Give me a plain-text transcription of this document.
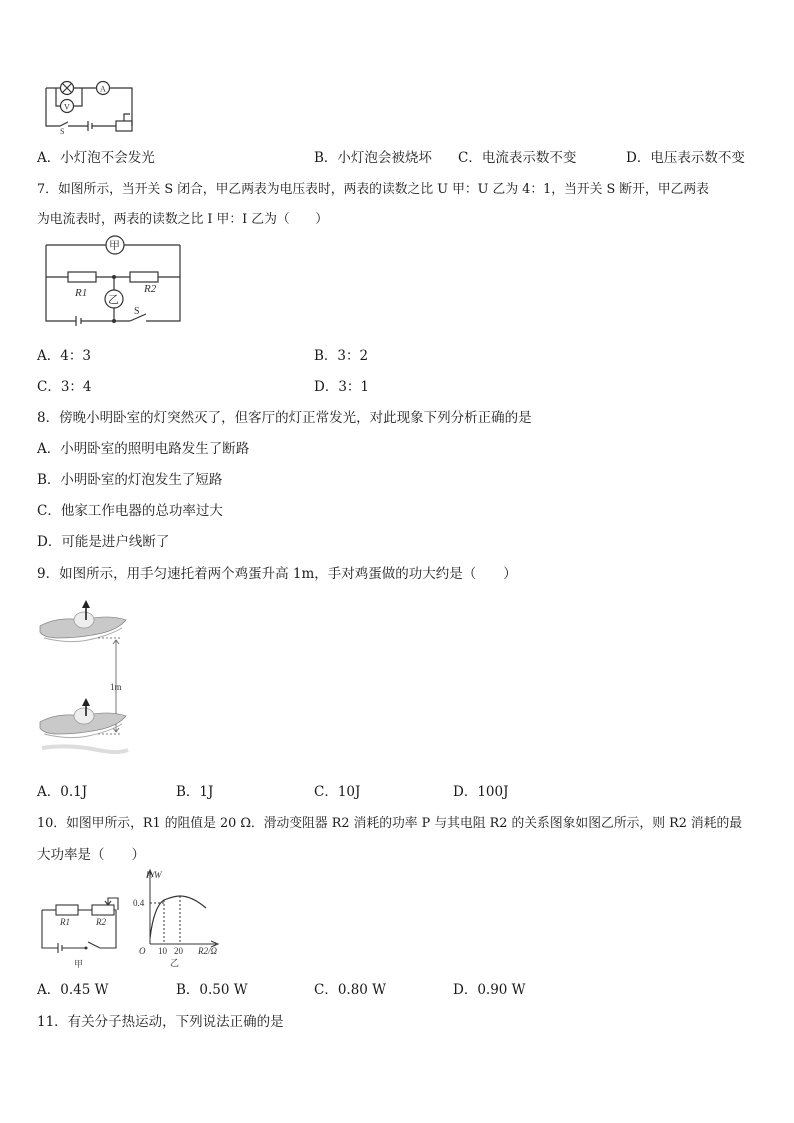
A
V
S
A．小灯泡不会发光	B．小灯泡会被烧坏 C．电流表示数不变	D．电压表示数不变
7．如图所示，当开关 S 闭合，甲乙两表为电压表时，两表的读数之比 U 甲：U 乙为 4：1，当开关 S 断开，甲乙两表
为电流表时，两表的读数之比 I 甲：I 乙为（　　）
甲
乙
R1	R2
S
A．4：3	B．3：2
C．3：4	D．3：1
8．傍晚小明卧室的灯突然灭了，但客厅的灯正常发光，对此现象下列分析正确的是
A．小明卧室的照明电路发生了断路
B．小明卧室的灯泡发生了短路
C．他家工作电器的总功率过大
D．可能是进户线断了
9．如图所示，用手匀速托着两个鸡蛋升高 1m，手对鸡蛋做的功大约是（　　）
1m
A．0.1J	B．1J	C．10J	D．100J
10．如图甲所示，R1 的阻值是 20 Ω．滑动变阻器 R2 消耗的功率 P 与其电阻 R2 的关系图象如图乙所示，则 R2 消耗的最
大功率是（　　）
R1	R2
甲
P/W
0.4
O 10 20 R2/Ω
乙
A．0.45 W	B．0.50 W	C．0.80 W	D．0.90 W
11．有关分子热运动，下列说法正确的是
